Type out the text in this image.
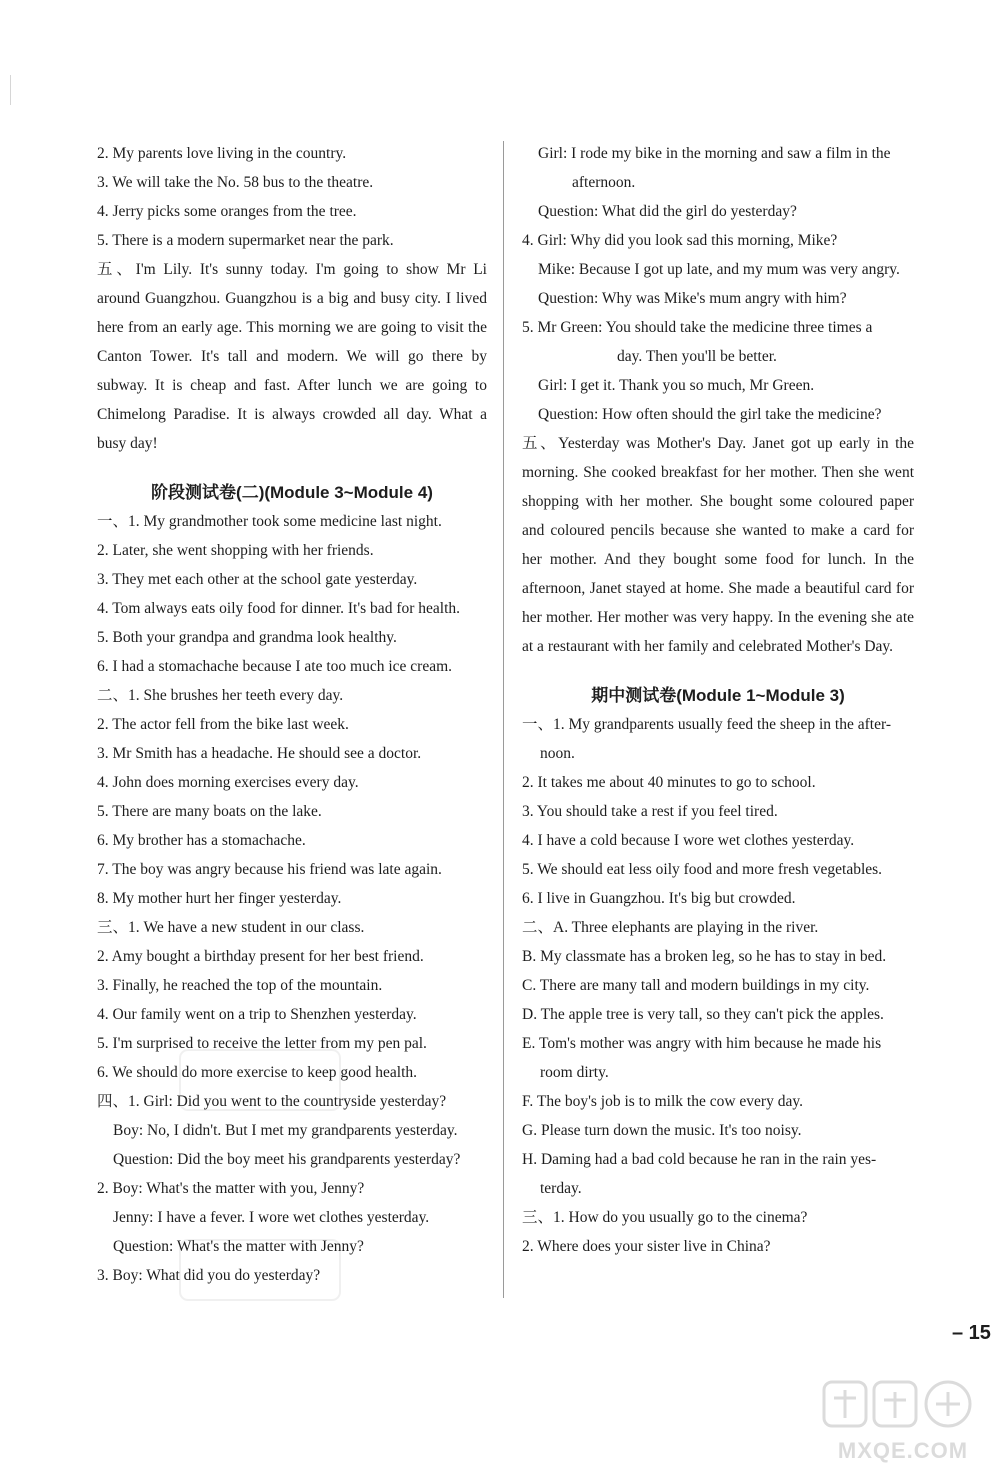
2. My parents love living in the country.
3. We will take the No. 58 bus to the theatre.
4. Jerry picks some oranges from the tree.
5. There is a modern supermarket near the park.
五、I'm Lily. It's sunny today. I'm going to show Mr Li around Guangzhou. Guangzhou is a big and busy city. I lived here from an early age. This morning we are going to visit the Canton Tower. It's tall and modern. We will go there by subway. It is cheap and fast. After lunch we are going to Chimelong Paradise. It is always crowded all day. What a busy day!
阶段测试卷(二)(Module 3~Module 4)
一、1. My grandmother took some medicine last night.
2. Later, she went shopping with her friends.
3. They met each other at the school gate yesterday.
4. Tom always eats oily food for dinner. It's bad for health.
5. Both your grandpa and grandma look healthy.
6. I had a stomachache because I ate too much ice cream.
二、1. She brushes her teeth every day.
2. The actor fell from the bike last week.
3. Mr Smith has a headache. He should see a doctor.
4. John does morning exercises every day.
5. There are many boats on the lake.
6. My brother has a stomachache.
7. The boy was angry because his friend was late again.
8. My mother hurt her finger yesterday.
三、1. We have a new student in our class.
2. Amy bought a birthday present for her best friend.
3. Finally, he reached the top of the mountain.
4. Our family went on a trip to Shenzhen yesterday.
5. I'm surprised to receive the letter from my pen pal.
6. We should do more exercise to keep good health.
四、1. Girl: Did you went to the countryside yesterday?
Boy: No, I didn't. But I met my grandparents yesterday.
Question: Did the boy meet his grandparents yesterday?
2. Boy: What's the matter with you, Jenny?
Jenny: I have a fever. I wore wet clothes yesterday.
Question: What's the matter with Jenny?
3. Boy: What did you do yesterday?
Girl: I rode my bike in the morning and saw a film in the
afternoon.
Question: What did the girl do yesterday?
4. Girl: Why did you look sad this morning, Mike?
Mike: Because I got up late, and my mum was very angry.
Question: Why was Mike's mum angry with him?
5. Mr Green: You should take the medicine three times a
day. Then you'll be better.
Girl: I get it. Thank you so much, Mr Green.
Question: How often should the girl take the medicine?
五、Yesterday was Mother's Day. Janet got up early in the morning. She cooked breakfast for her mother. Then she went shopping with her mother. She bought some coloured paper and coloured pencils because she wanted to make a card for her mother. And they bought some food for lunch. In the afternoon, Janet stayed at home. She made a beautiful card for her mother. Her mother was very happy. In the evening she ate at a restaurant with her family and celebrated Mother's Day.
期中测试卷(Module 1~Module 3)
一、1. My grandparents usually feed the sheep in the after-
noon.
2. It takes me about 40 minutes to go to school.
3. You should take a rest if you feel tired.
4. I have a cold because I wore wet clothes yesterday.
5. We should eat less oily food and more fresh vegetables.
6. I live in Guangzhou. It's big but crowded.
二、A. Three elephants are playing in the river.
B. My classmate has a broken leg, so he has to stay in bed.
C. There are many tall and modern buildings in my city.
D. The apple tree is very tall, so they can't pick the apples.
E. Tom's mother was angry with him because he made his
room dirty.
F. The boy's job is to milk the cow every day.
G. Please turn down the music. It's too noisy.
H. Daming had a bad cold because he ran in the rain yes-
terday.
三、1. How do you usually go to the cinema?
2. Where does your sister live in China?
– 15
MXQE.COM
